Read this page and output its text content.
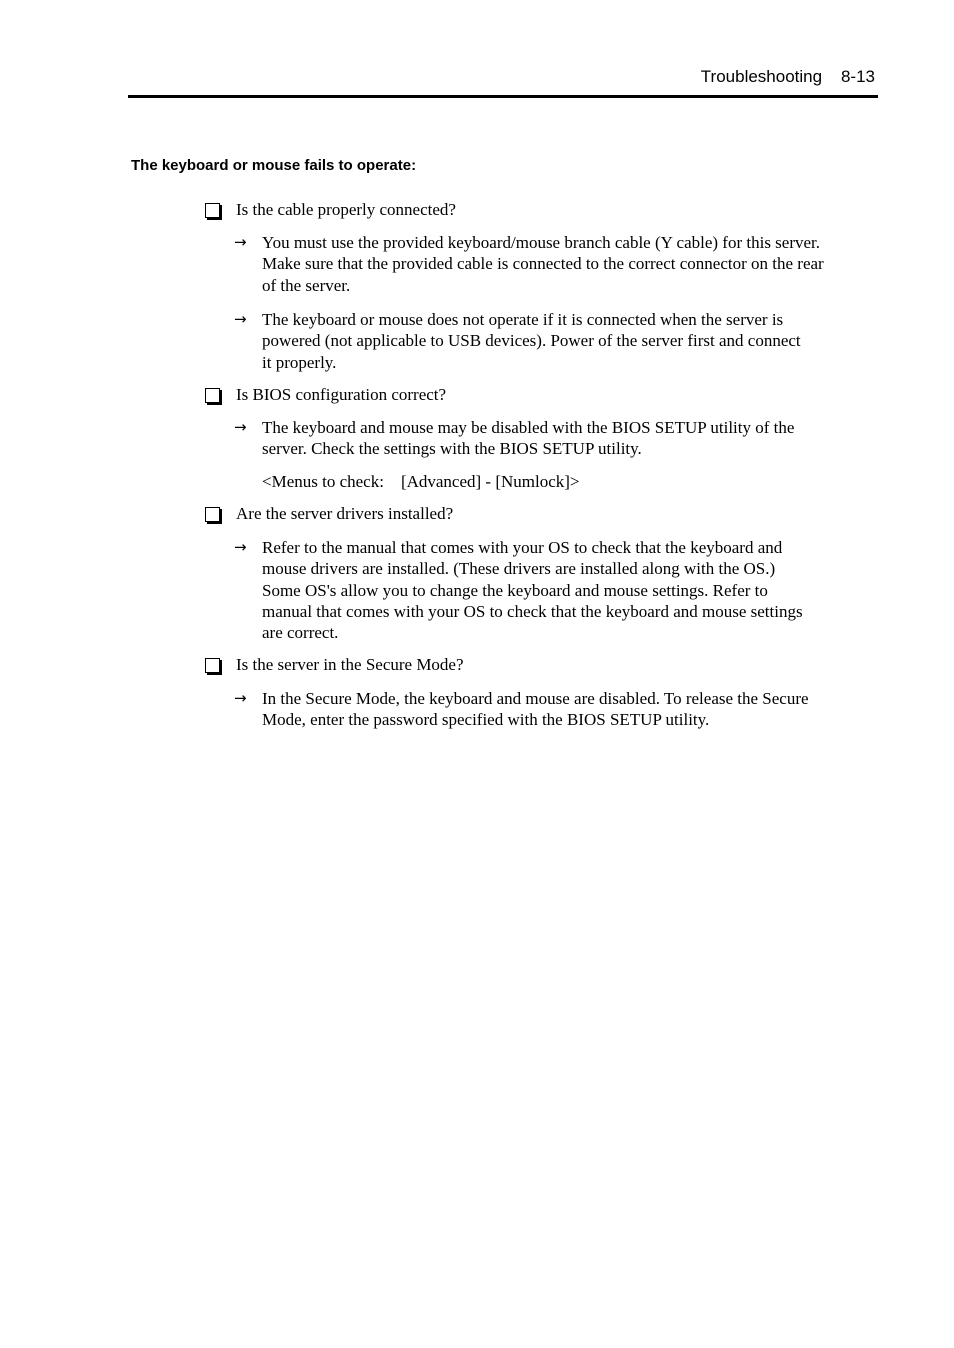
Troubleshooting    8-13
The keyboard or mouse fails to operate:
Is the cable properly connected?
→ You must use the provided keyboard/mouse branch cable (Y cable) for this server.
Make sure that the provided cable is connected to the correct connector on the rear
of the server.
→ The keyboard or mouse does not operate if it is connected when the server is
powered (not applicable to USB devices). Power of the server first and connect
it properly.
Is BIOS configuration correct?
→ The keyboard and mouse may be disabled with the BIOS SETUP utility of the
server. Check the settings with the BIOS SETUP utility.
<Menus to check:    [Advanced] - [Numlock]>
Are the server drivers installed?
→ Refer to the manual that comes with your OS to check that the keyboard and
mouse drivers are installed. (These drivers are installed along with the OS.)
Some OS's allow you to change the keyboard and mouse settings. Refer to
manual that comes with your OS to check that the keyboard and mouse settings
are correct.
Is the server in the Secure Mode?
→ In the Secure Mode, the keyboard and mouse are disabled. To release the Secure
Mode, enter the password specified with the BIOS SETUP utility.
